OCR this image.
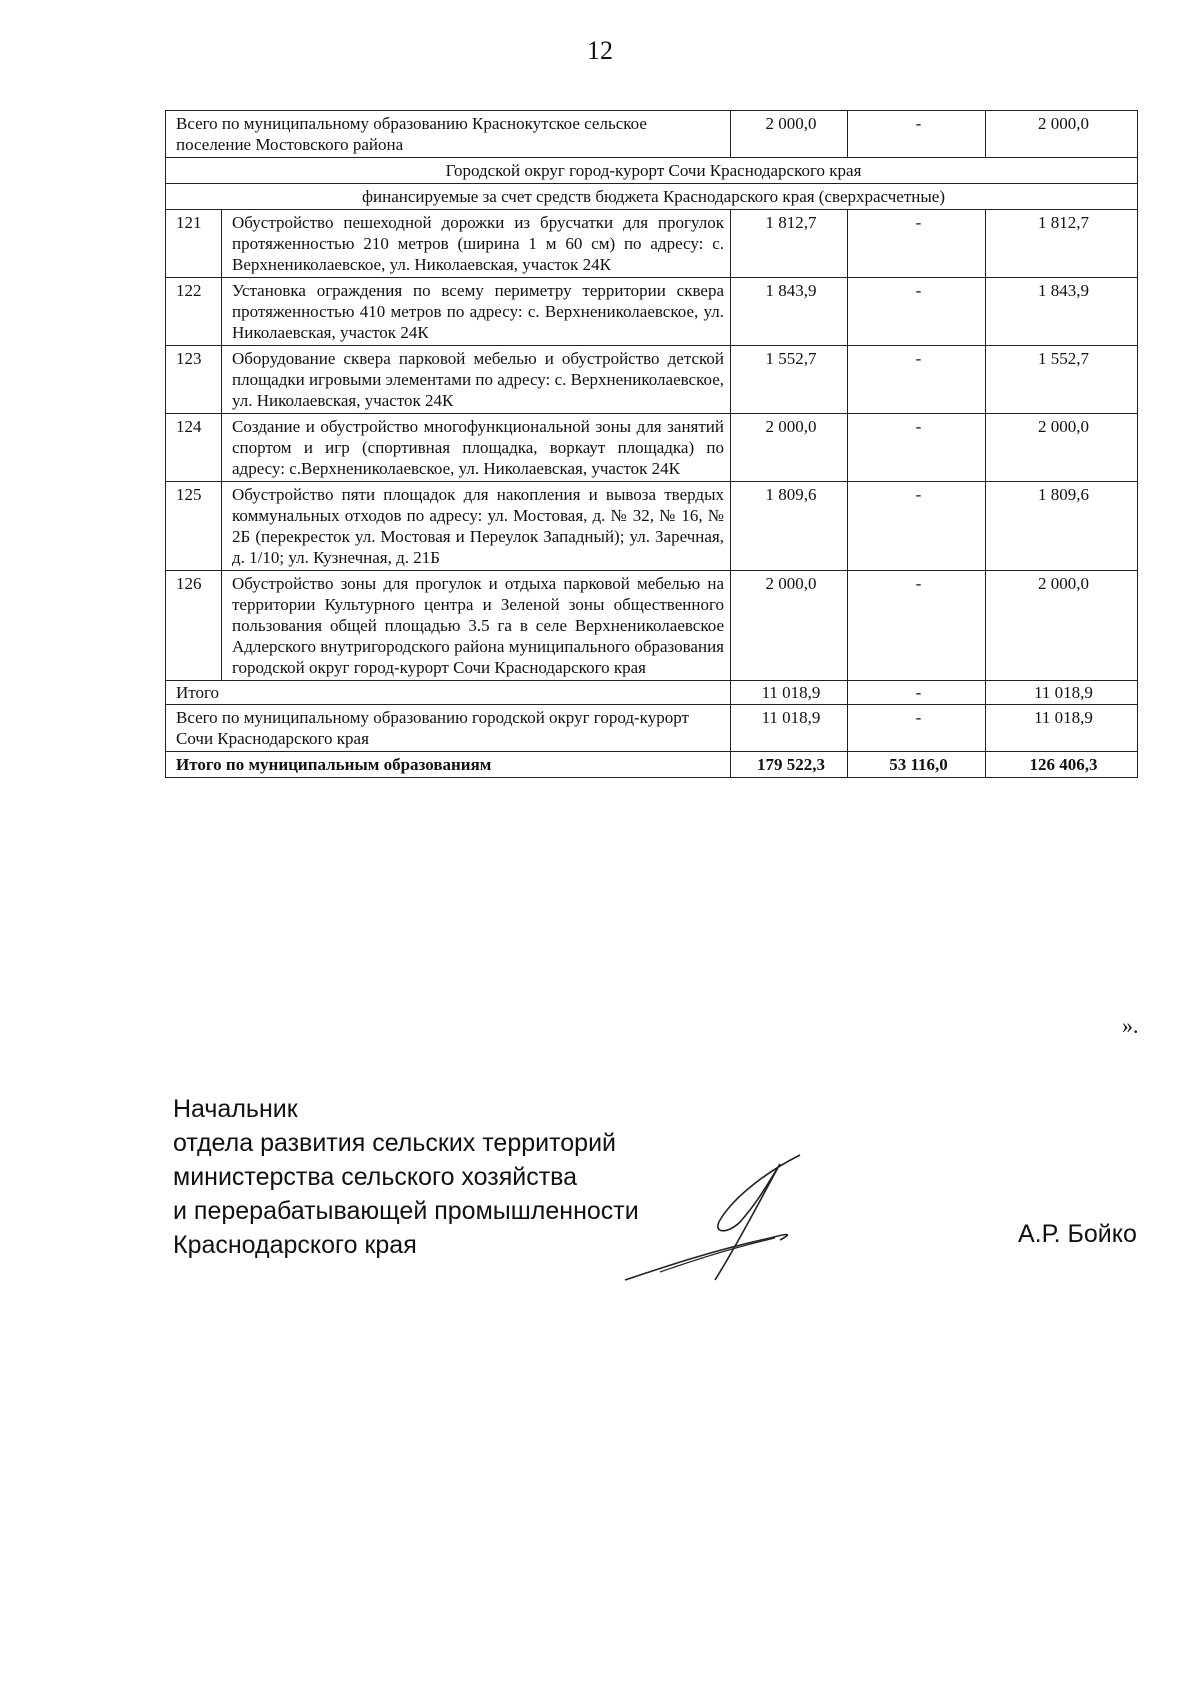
12
Всего по муниципальному образованию Краснокутское сельское поселение Мостовского района		2 000,0	-	2 000,0
Городской округ город-курорт Сочи Краснодарского края				
финансируемые за счет средств бюджета Краснодарского края (сверхрасчетные)				
121	Обустройство пешеходной дорожки из брусчатки для прогулок протяженностью 210 метров (ширина 1 м 60 см) по адресу: с. Верхнениколаевское, ул. Николаевская, участок 24К	1 812,7	-	1 812,7
122	Установка ограждения по всему периметру территории сквера протяженностью 410 метров по адресу: с. Верхнениколаевское, ул. Николаевская, участок 24К	1 843,9	-	1 843,9
123	Оборудование сквера парковой мебелью и обустройство детской площадки игровыми элементами по адресу: с. Верхнениколаевское, ул. Николаевская, участок 24К	1 552,7	-	1 552,7
124	Создание и обустройство многофункциональной зоны для занятий спортом и игр (спортивная площадка, воркаут площадка) по адресу: с.Верхнениколаевское, ул. Николаевская, участок 24К	2 000,0	-	2 000,0
125	Обустройство пяти площадок для накопления и вывоза твердых коммунальных отходов по адресу: ул. Мостовая, д. № 32, № 16, № 2Б (перекресток ул. Мостовая и Переулок Западный); ул. Заречная, д. 1/10; ул. Кузнечная, д. 21Б	1 809,6	-	1 809,6
126	Обустройство зоны для прогулок и отдыха парковой мебелью на территории Культурного центра и Зеленой зоны общественного пользования общей площадью 3.5 га в селе Верхнениколаевское Адлерского внутригородского района муниципального образования городской округ город-курорт Сочи Краснодарского края	2 000,0	-	2 000,0
Итого		11 018,9	-	11 018,9
Всего по муниципальному образованию городской округ город-курорт Сочи Краснодарского края		11 018,9	-	11 018,9
Итого по муниципальным образованиям		179 522,3	53 116,0	126 406,3
».
Начальник
отдела развития сельских территорий
министерства сельского хозяйства
и перерабатывающей промышленности
Краснодарского края	А.Р. Бойко
